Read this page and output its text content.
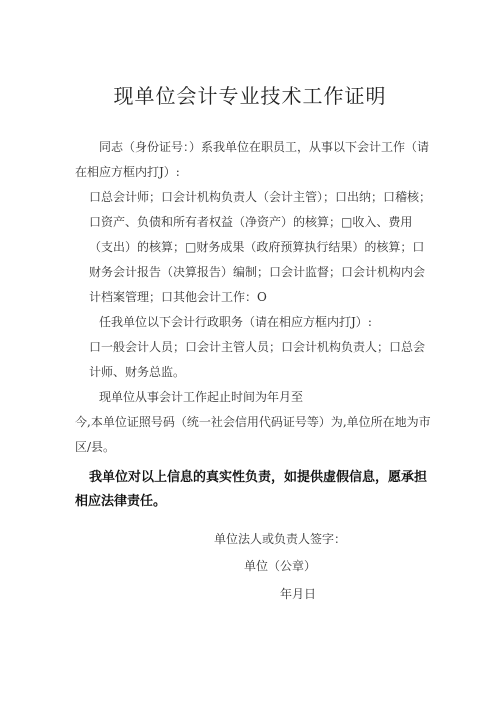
现单位会计专业技术工作证明

同志（身份证号：）系我单位在职员工，从事以下会计工作（请在相应方框内打J）:

口总会计师；口会计机构负责人（会计主管）；口出纳；口稽核；口资产、负债和所有者权益（净资产）的核算；□收入、费用（支出）的核算；□财务成果（政府预算执行结果）的核算；口财务会计报告（决算报告）编制；口会计监督；口会计机构内会计档案管理；口其他会计工作：O

任我单位以下会计行政职务（请在相应方框内打J）:

口一般会计人员；口会计主管人员；口会计机构负责人；口总会计师、财务总监。

现单位从事会计工作起止时间为年月至

今,本单位证照号码（统一社会信用代码证号等）为,单位所在地为市 区/县。

我单位对以上信息的真实性负责，如提供虚假信息，愿承担相应法律责任。

单位法人或负责人签字：
单位（公章）
年月日
